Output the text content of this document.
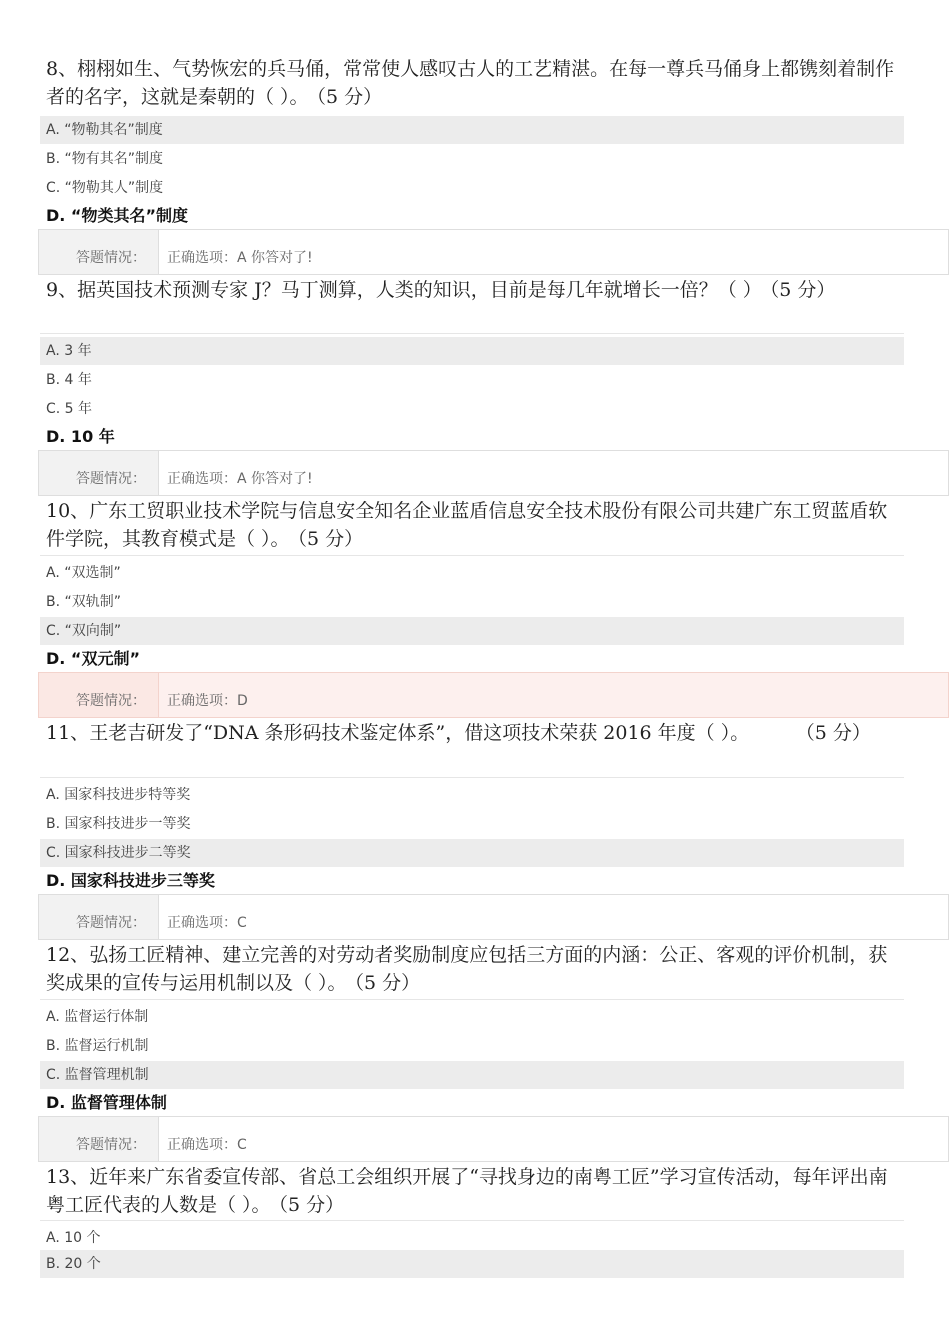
8、栩栩如生、气势恢宏的兵马俑，常常使人感叹古人的工艺精湛。在每一尊兵马俑身上都镌刻着制作者的名字，这就是秦朝的（ ）。 （5 分）
A. “物勒其名”制度
B. “物有其名”制度
C. “物勒其人”制度
D. “物类其名”制度
答题情况：	正确选项：A 你答对了!
9、据英国技术预测专家 J？马丁测算，人类的知识，目前是每几年就增长一倍？（ ） （5 分）
A. 3 年
B. 4 年
C. 5 年
D. 10 年
答题情况：	正确选项：A 你答对了!
10、广东工贸职业技术学院与信息安全知名企业蓝盾信息安全技术股份有限公司共建广东工贸蓝盾软件学院，其教育模式是（ ）。 （5 分）
A. “双选制”
B. “双轨制”
C. “双向制”
D. “双元制”
答题情况：	正确选项：D
11、王老吉研发了“DNA 条形码技术鉴定体系”，借这项技术荣获 2016 年度（ ）。	（5 分）
A. 国家科技进步特等奖
B. 国家科技进步一等奖
C. 国家科技进步二等奖
D. 国家科技进步三等奖
答题情况：	正确选项：C
12、弘扬工匠精神、建立完善的对劳动者奖励制度应包括三方面的内涵：公正、客观的评价机制，获奖成果的宣传与运用机制以及（ ）。 （5 分）
A. 监督运行体制
B. 监督运行机制
C. 监督管理机制
D. 监督管理体制
答题情况：	正确选项：C
13、近年来广东省委宣传部、省总工会组织开展了“寻找身边的南粤工匠”学习宣传活动，每年评出南粤工匠代表的人数是（ ）。 （5 分）
A. 10 个
B. 20 个
